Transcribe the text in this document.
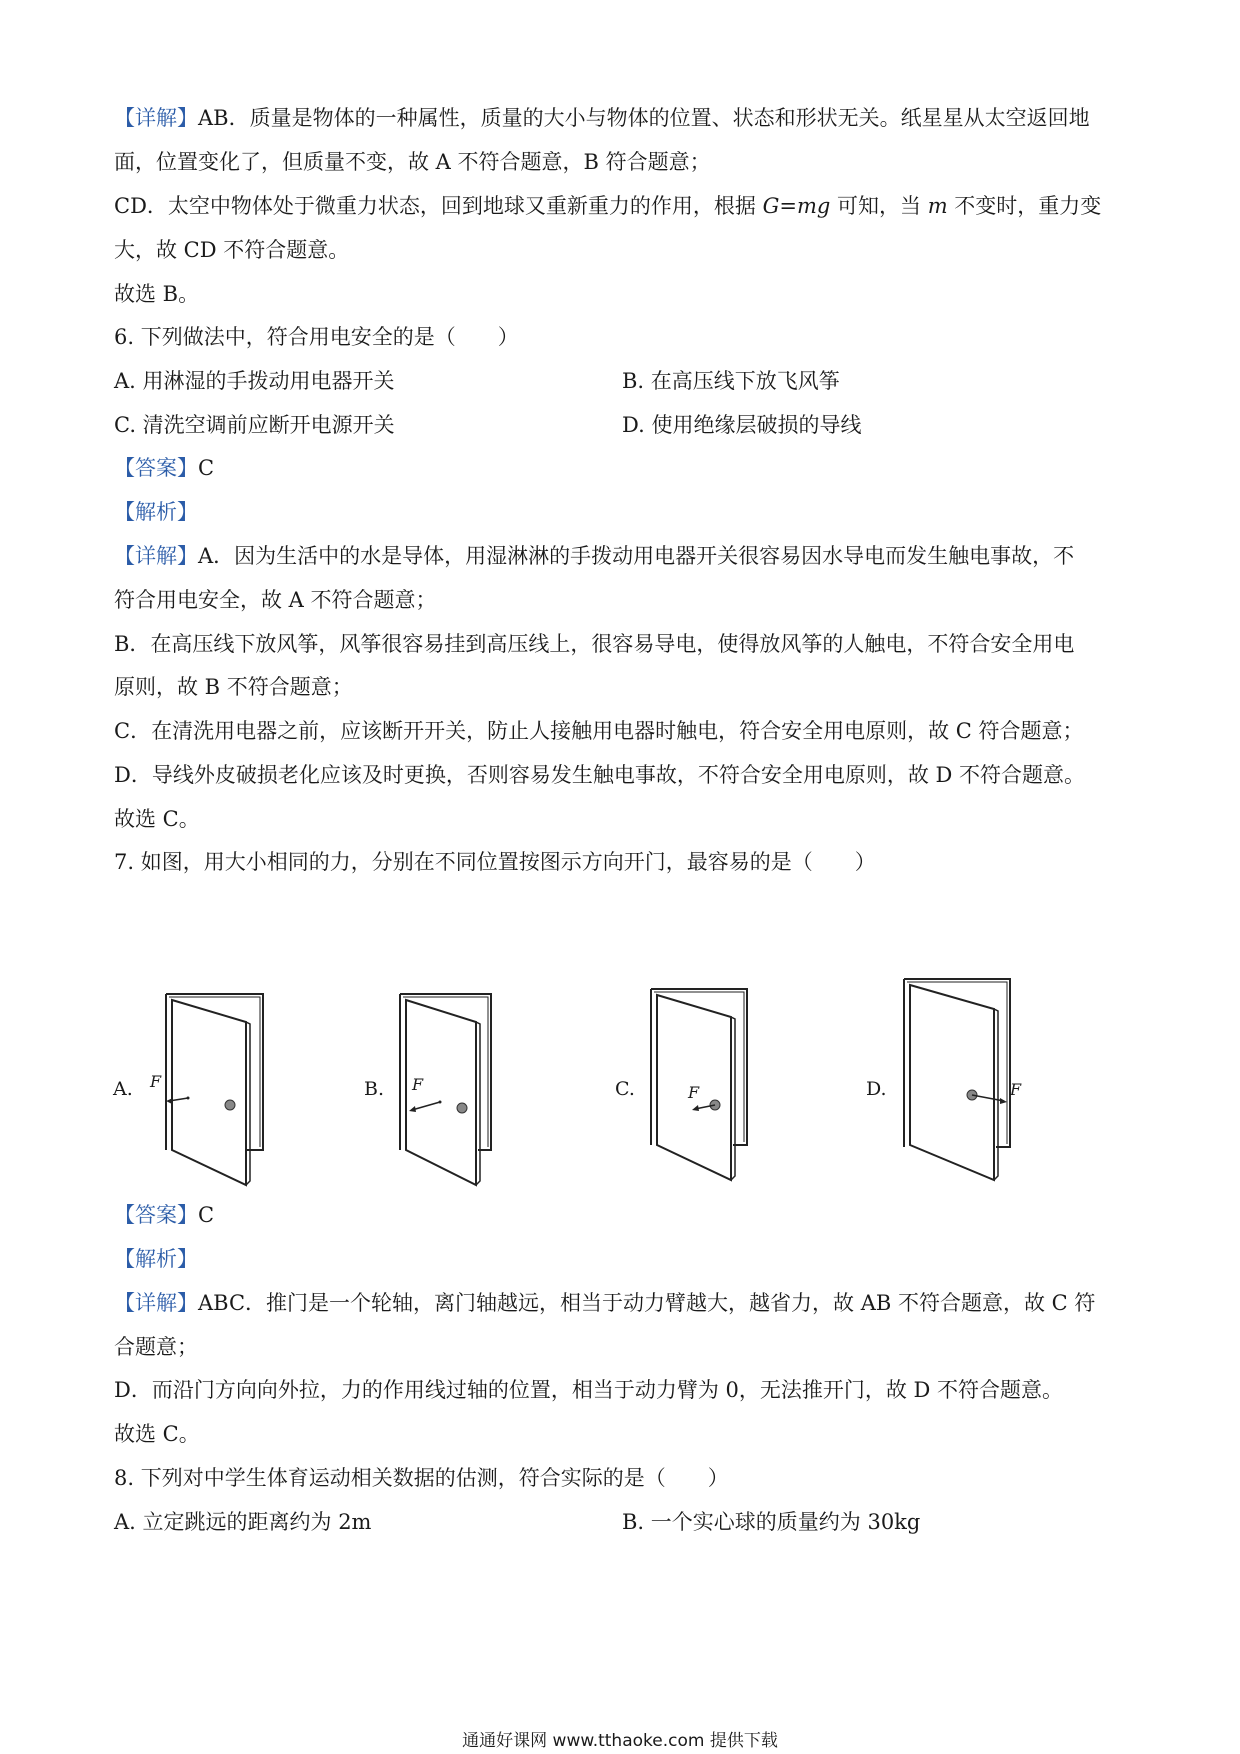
【详解】AB．质量是物体的一种属性，质量的大小与物体的位置、状态和形状无关。纸星星从太空返回地
面，位置变化了，但质量不变，故 A 不符合题意，B 符合题意；
CD．太空中物体处于微重力状态，回到地球又重新重力的作用，根据 G=mg 可知，当 m 不变时，重力变
大，故 CD 不符合题意。
故选 B。
6. 下列做法中，符合用电安全的是（　　）
A. 用淋湿的手拨动用电器开关	B. 在高压线下放飞风筝
C. 清洗空调前应断开电源开关	D. 使用绝缘层破损的导线
【答案】C
【解析】
【详解】A．因为生活中的水是导体，用湿淋淋的手拨动用电器开关很容易因水导电而发生触电事故，不
符合用电安全，故 A 不符合题意；
B．在高压线下放风筝，风筝很容易挂到高压线上，很容易导电，使得放风筝的人触电，不符合安全用电
原则，故 B 不符合题意；
C．在清洗用电器之前，应该断开开关，防止人接触用电器时触电，符合安全用电原则，故 C 符合题意；
D．导线外皮破损老化应该及时更换，否则容易发生触电事故，不符合安全用电原则，故 D 不符合题意。
故选 C。
7. 如图，用大小相同的力，分别在不同位置按图示方向开门，最容易的是（　　）
A. F	B. F	C.	F	D.	F
【答案】C
【解析】
【详解】ABC．推门是一个轮轴，离门轴越远，相当于动力臂越大，越省力，故 AB 不符合题意，故 C 符
合题意；
D．而沿门方向向外拉，力的作用线过轴的位置，相当于动力臂为 0，无法推开门，故 D 不符合题意。
故选 C。
8. 下列对中学生体育运动相关数据的估测，符合实际的是（　　）
A. 立定跳远的距离约为 2m	B. 一个实心球的质量约为 30kg
通通好课网 www.tthaoke.com 提供下载
